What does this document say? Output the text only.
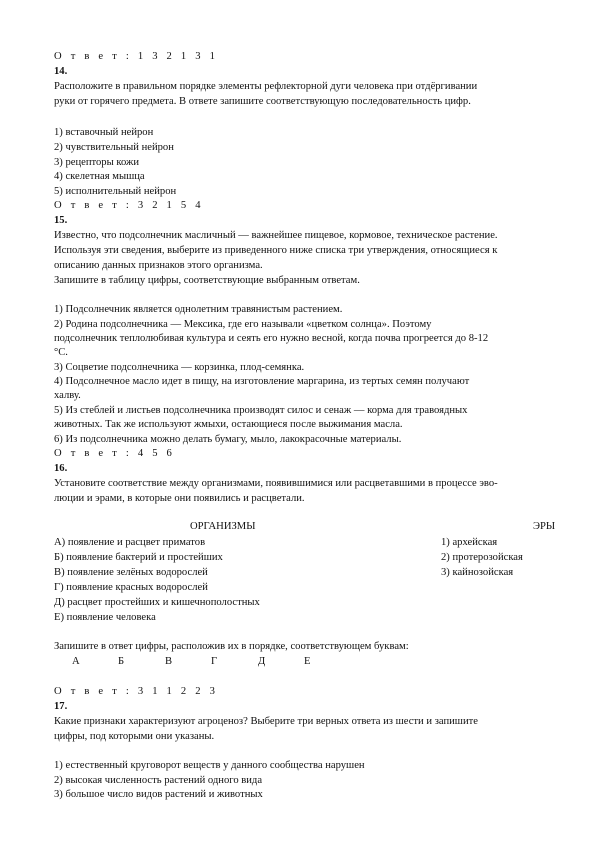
О т в е т : 1 3 2 1 3 1
14.
Расположите в правильном порядке элементы рефлекторной дуги человека при отдёргивании
руки от горячего предмета. В ответе запишите соответствующую последовательность цифр.
1) вставочный нейрон
2) чувствительный нейрон
3) рецепторы кожи
4) скелетная мышца
5) исполнительный нейрон
О т в е т : 3 2 1 5 4
15.
Известно, что подсолнечник масличный — важнейшее пищевое, кормовое, техническое растение.
Используя эти сведения, выберите из приведенного ниже списка три утверждения, относящиеся к
описанию данных признаков этого организма.
Запишите в таблицу цифры, соответствующие выбранным ответам.
1) Подсолнечник является однолетним травянистым растением.
2) Родина подсолнечника — Мексика, где его называли «цветком солнца». Поэтому
подсолнечник теплолюбивая культура и сеять его нужно весной, когда почва прогреется до 8-12
°С.
3) Соцветие подсолнечника — корзинка, плод-семянка.
4) Подсолнечное масло идет в пищу, на изготовление маргарина, из тертых семян получают
халву.
5) Из стеблей и листьев подсолнечника производят силос и сенаж — корма для травоядных
животных. Так же используют жмыхи, остающиеся после выжимания масла.
6) Из подсолнечника можно делать бумагу, мыло, лакокрасочные материалы.
О т в е т : 4 5 6
16.
Установите соответствие между организмами, появившимися или расцветавшими в процессе эво-
люции и эрами, в которые они появились и расцветали.
ОРГАНИЗМЫ	ЭРЫ
А) появление и расцвет приматов
Б) появление бактерий и простейших
В) появление зелёных водорослей
Г) появление красных водорослей
Д) расцвет простейших и кишечнополостных
Е) появление человека
1) архейская
2) протерозойская
3) кайнозойская
Запишите в ответ цифры, расположив их в порядке, соответствующем буквам:
А	Б	В	Г	Д	Е
О т в е т : 3 1 1 2 2 3
17.
Какие признаки характеризуют агроценоз? Выберите три верных ответа из шести и запишите
цифры, под которыми они указаны.
1) естественный круговорот веществ у данного сообщества нарушен
2) высокая численность растений одного вида
3) большое число видов растений и животных
